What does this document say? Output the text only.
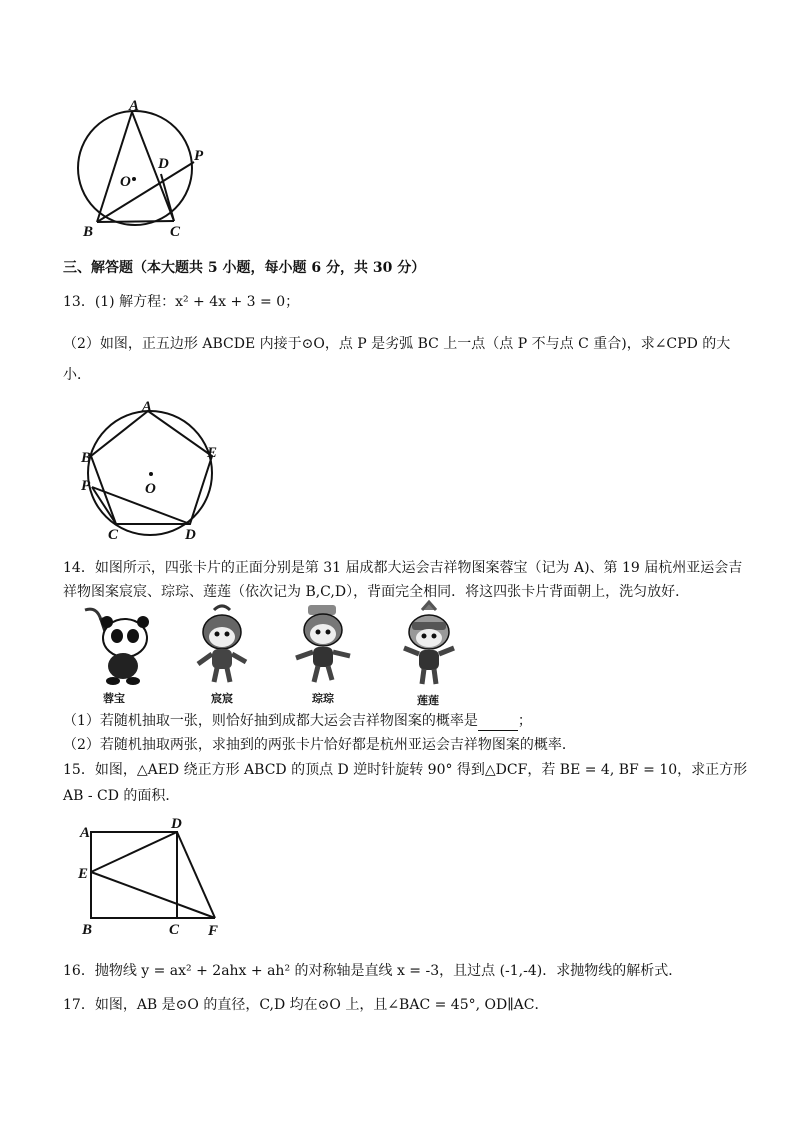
A
O
D P
B	C
三、解答题（本大题共 5 小题，每小题 6 分，共 30 分）
13．(1) 解方程：x² + 4x + 3 = 0；
（2）如图，正五边形 ABCDE 内接于⊙O，点 P 是劣弧 BC 上一点（点 P 不与点 C 重合)，求∠CPD 的大
小．
A
B	E
O
P
C	D
14．如图所示，四张卡片的正面分别是第 31 届成都大运会吉祥物图案蓉宝（记为 A)、第 19 届杭州亚运会吉
祥物图案宸宸、琮琮、莲莲（依次记为 B,C,D），背面完全相同．将这四张卡片背面朝上，洗匀放好．
蓉宝	宸宸	琮琮	莲莲
（1）若随机抽取一张，则恰好抽到成都大运会吉祥物图案的概率是	；
（2）若随机抽取两张，求抽到的两张卡片恰好都是杭州亚运会吉祥物图案的概率．
15．如图，△AED 绕正方形 ABCD 的顶点 D 逆时针旋转 90° 得到△DCF，若 BE = 4, BF = 10，求正方形
AB - CD 的面积．
A
D
E
B	C F
16．抛物线 y = ax² + 2ahx + ah² 的对称轴是直线 x = -3，且过点 (-1,-4)．求抛物线的解析式．
17．如图，AB 是⊙O 的直径，C,D 均在⊙O 上，且∠BAC = 45°, OD∥AC．
